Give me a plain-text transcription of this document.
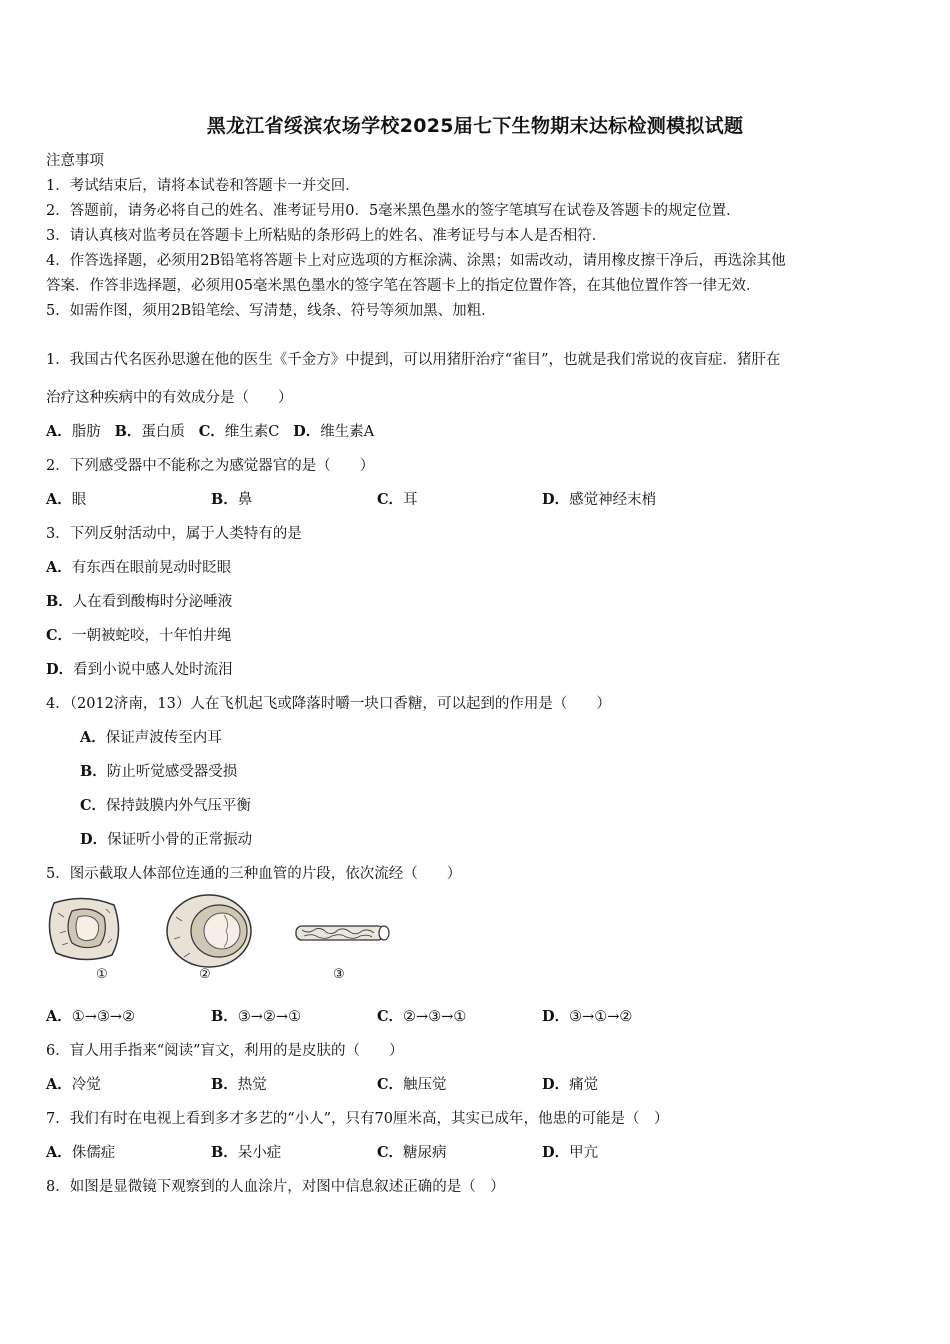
黑龙江省绥滨农场学校2025届七下生物期末达标检测模拟试题
注意事项
1．考试结束后，请将本试卷和答题卡一并交回．
2．答题前，请务必将自己的姓名、准考证号用0．5毫米黑色墨水的签字笔填写在试卷及答题卡的规定位置．
3．请认真核对监考员在答题卡上所粘贴的条形码上的姓名、准考证号与本人是否相符．
4．作答选择题，必须用2B铅笔将答题卡上对应选项的方框涂满、涂黑；如需改动，请用橡皮擦干净后，再选涂其他
答案．作答非选择题，必须用05毫米黑色墨水的签字笔在答题卡上的指定位置作答，在其他位置作答一律无效．
5．如需作图，须用2B铅笔绘、写清楚，线条、符号等须加黑、加粗．
1．我国古代名医孙思邈在他的医生《千金方》中提到，可以用猪肝治疗“雀目”，也就是我们常说的夜盲症．猪肝在
治疗这种疾病中的有效成分是（　　）
A．脂肪 B．蛋白质 C．维生素C D．维生素A
2．下列感受器中不能称之为感觉器官的是（　　）
A．眼	B．鼻	C．耳	D．感觉神经末梢
3．下列反射活动中，属于人类特有的是
A．有东西在眼前晃动时眨眼
B．人在看到酸梅时分泌唾液
C．一朝被蛇咬，十年怕井绳
D．看到小说中感人处时流泪
4．（2012济南，13）人在飞机起飞或降落时嚼一块口香糖，可以起到的作用是（　　）
A．保证声波传至内耳
B．防止听觉感受器受损
C．保持鼓膜内外气压平衡
D．保证听小骨的正常振动
5．图示截取人体部位连通的三种血管的片段，依次流经（　　）
①	②	③
A．①→③→②	B．③→②→①	C．②→③→①	D．③→①→②
6．盲人用手指来“阅读”盲文，利用的是皮肤的（　　）
A．冷觉	B．热觉	C．触压觉	D．痛觉
7．我们有时在电视上看到多才多艺的“小人”，只有70厘米高，其实已成年，他患的可能是（　）
A．侏儒症	B．呆小症	C．糖尿病	D．甲亢
8．如图是显微镜下观察到的人血涂片，对图中信息叙述正确的是（　）
